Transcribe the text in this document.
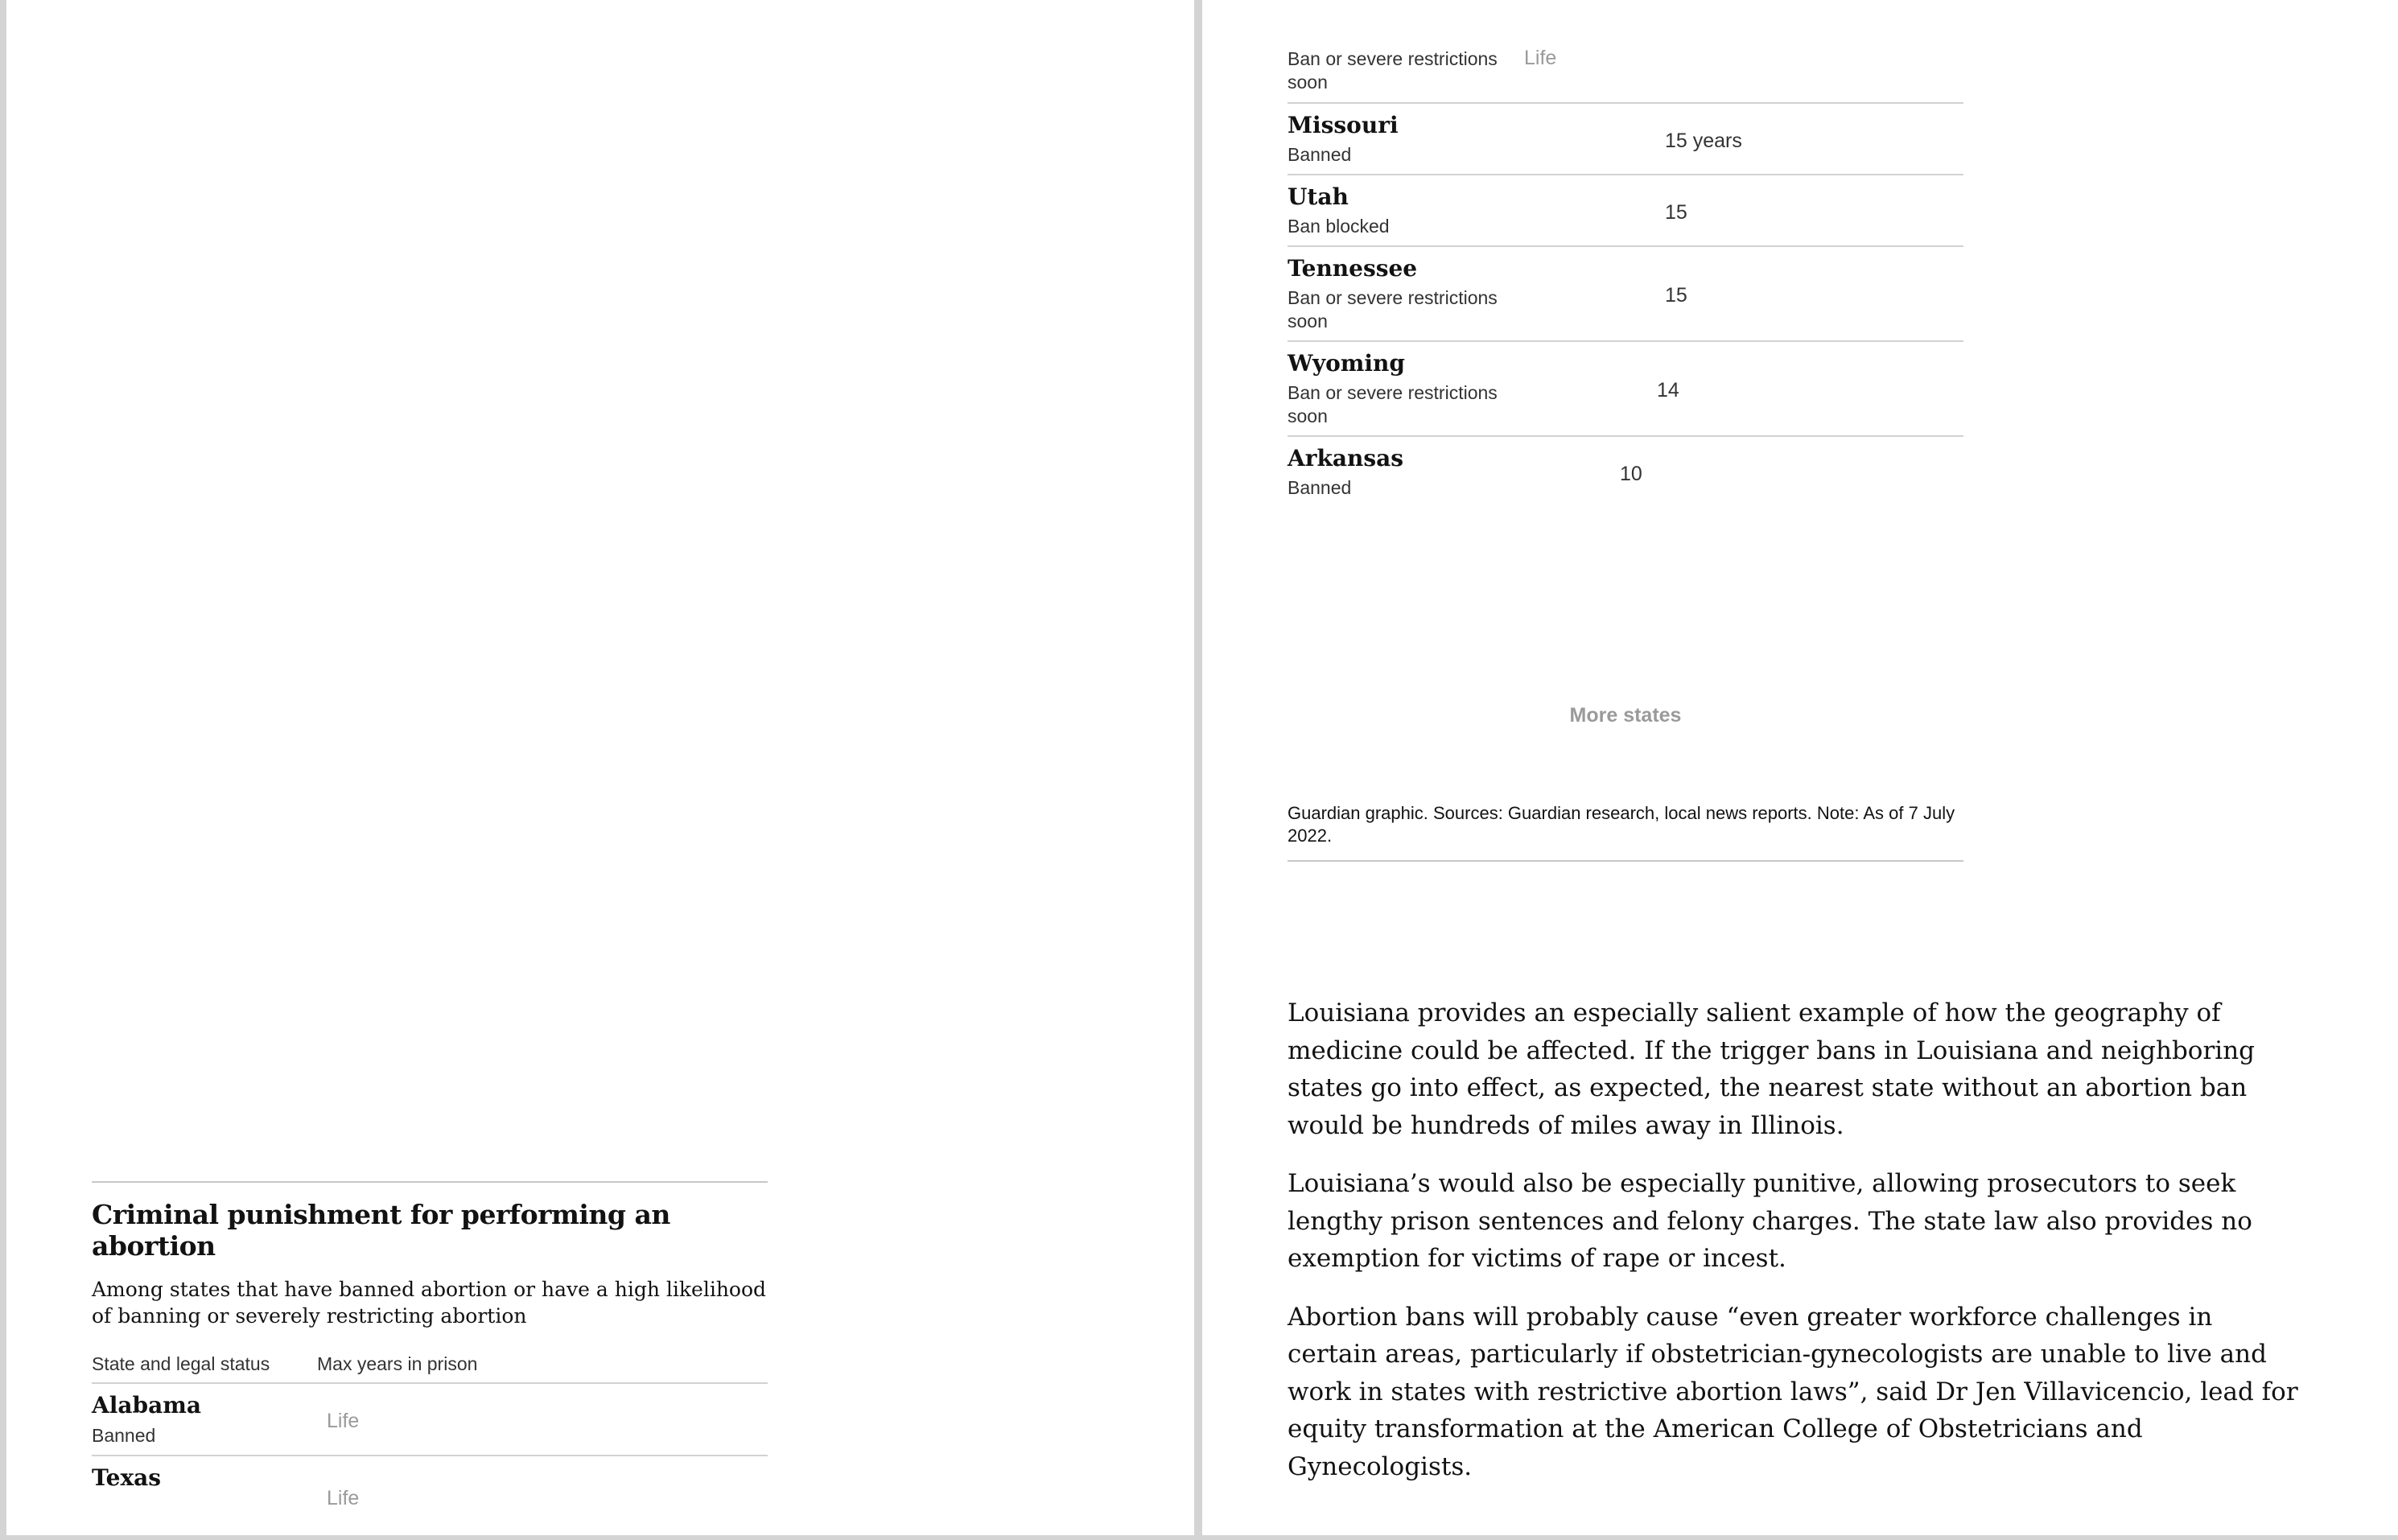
Criminal punishment for performing an abortion
Among states that have banned abortion or have a high likelihood of banning or severely restricting abortion
State and legal status	Max years in prison
Alabama
Banned
Life
Texas
Life
Ban or severe restrictions soon
Life
Missouri
Banned
15 years
Utah
Ban blocked
15
Tennessee
Ban or severe restrictions soon
15
Wyoming
Ban or severe restrictions soon
14
Arkansas
Banned
10
More states
Guardian graphic. Sources: Guardian research, local news reports. Note: As of 7 July 2022.

Louisiana provides an especially salient example of how the geography of medicine could be affected. If the trigger bans in Louisiana and neighboring states go into effect, as expected, the nearest state without an abortion ban would be hundreds of miles away in Illinois.

Louisiana’s would also be especially punitive, allowing prosecutors to seek lengthy prison sentences and felony charges. The state law also provides no exemption for victims of rape or incest.

Abortion bans will probably cause “even greater workforce challenges in certain areas, particularly if obstetrician-gynecologists are unable to live and work in states with restrictive abortion laws”, said Dr Jen Villavicencio, lead for equity transformation at the American College of Obstetricians and Gynecologists.
